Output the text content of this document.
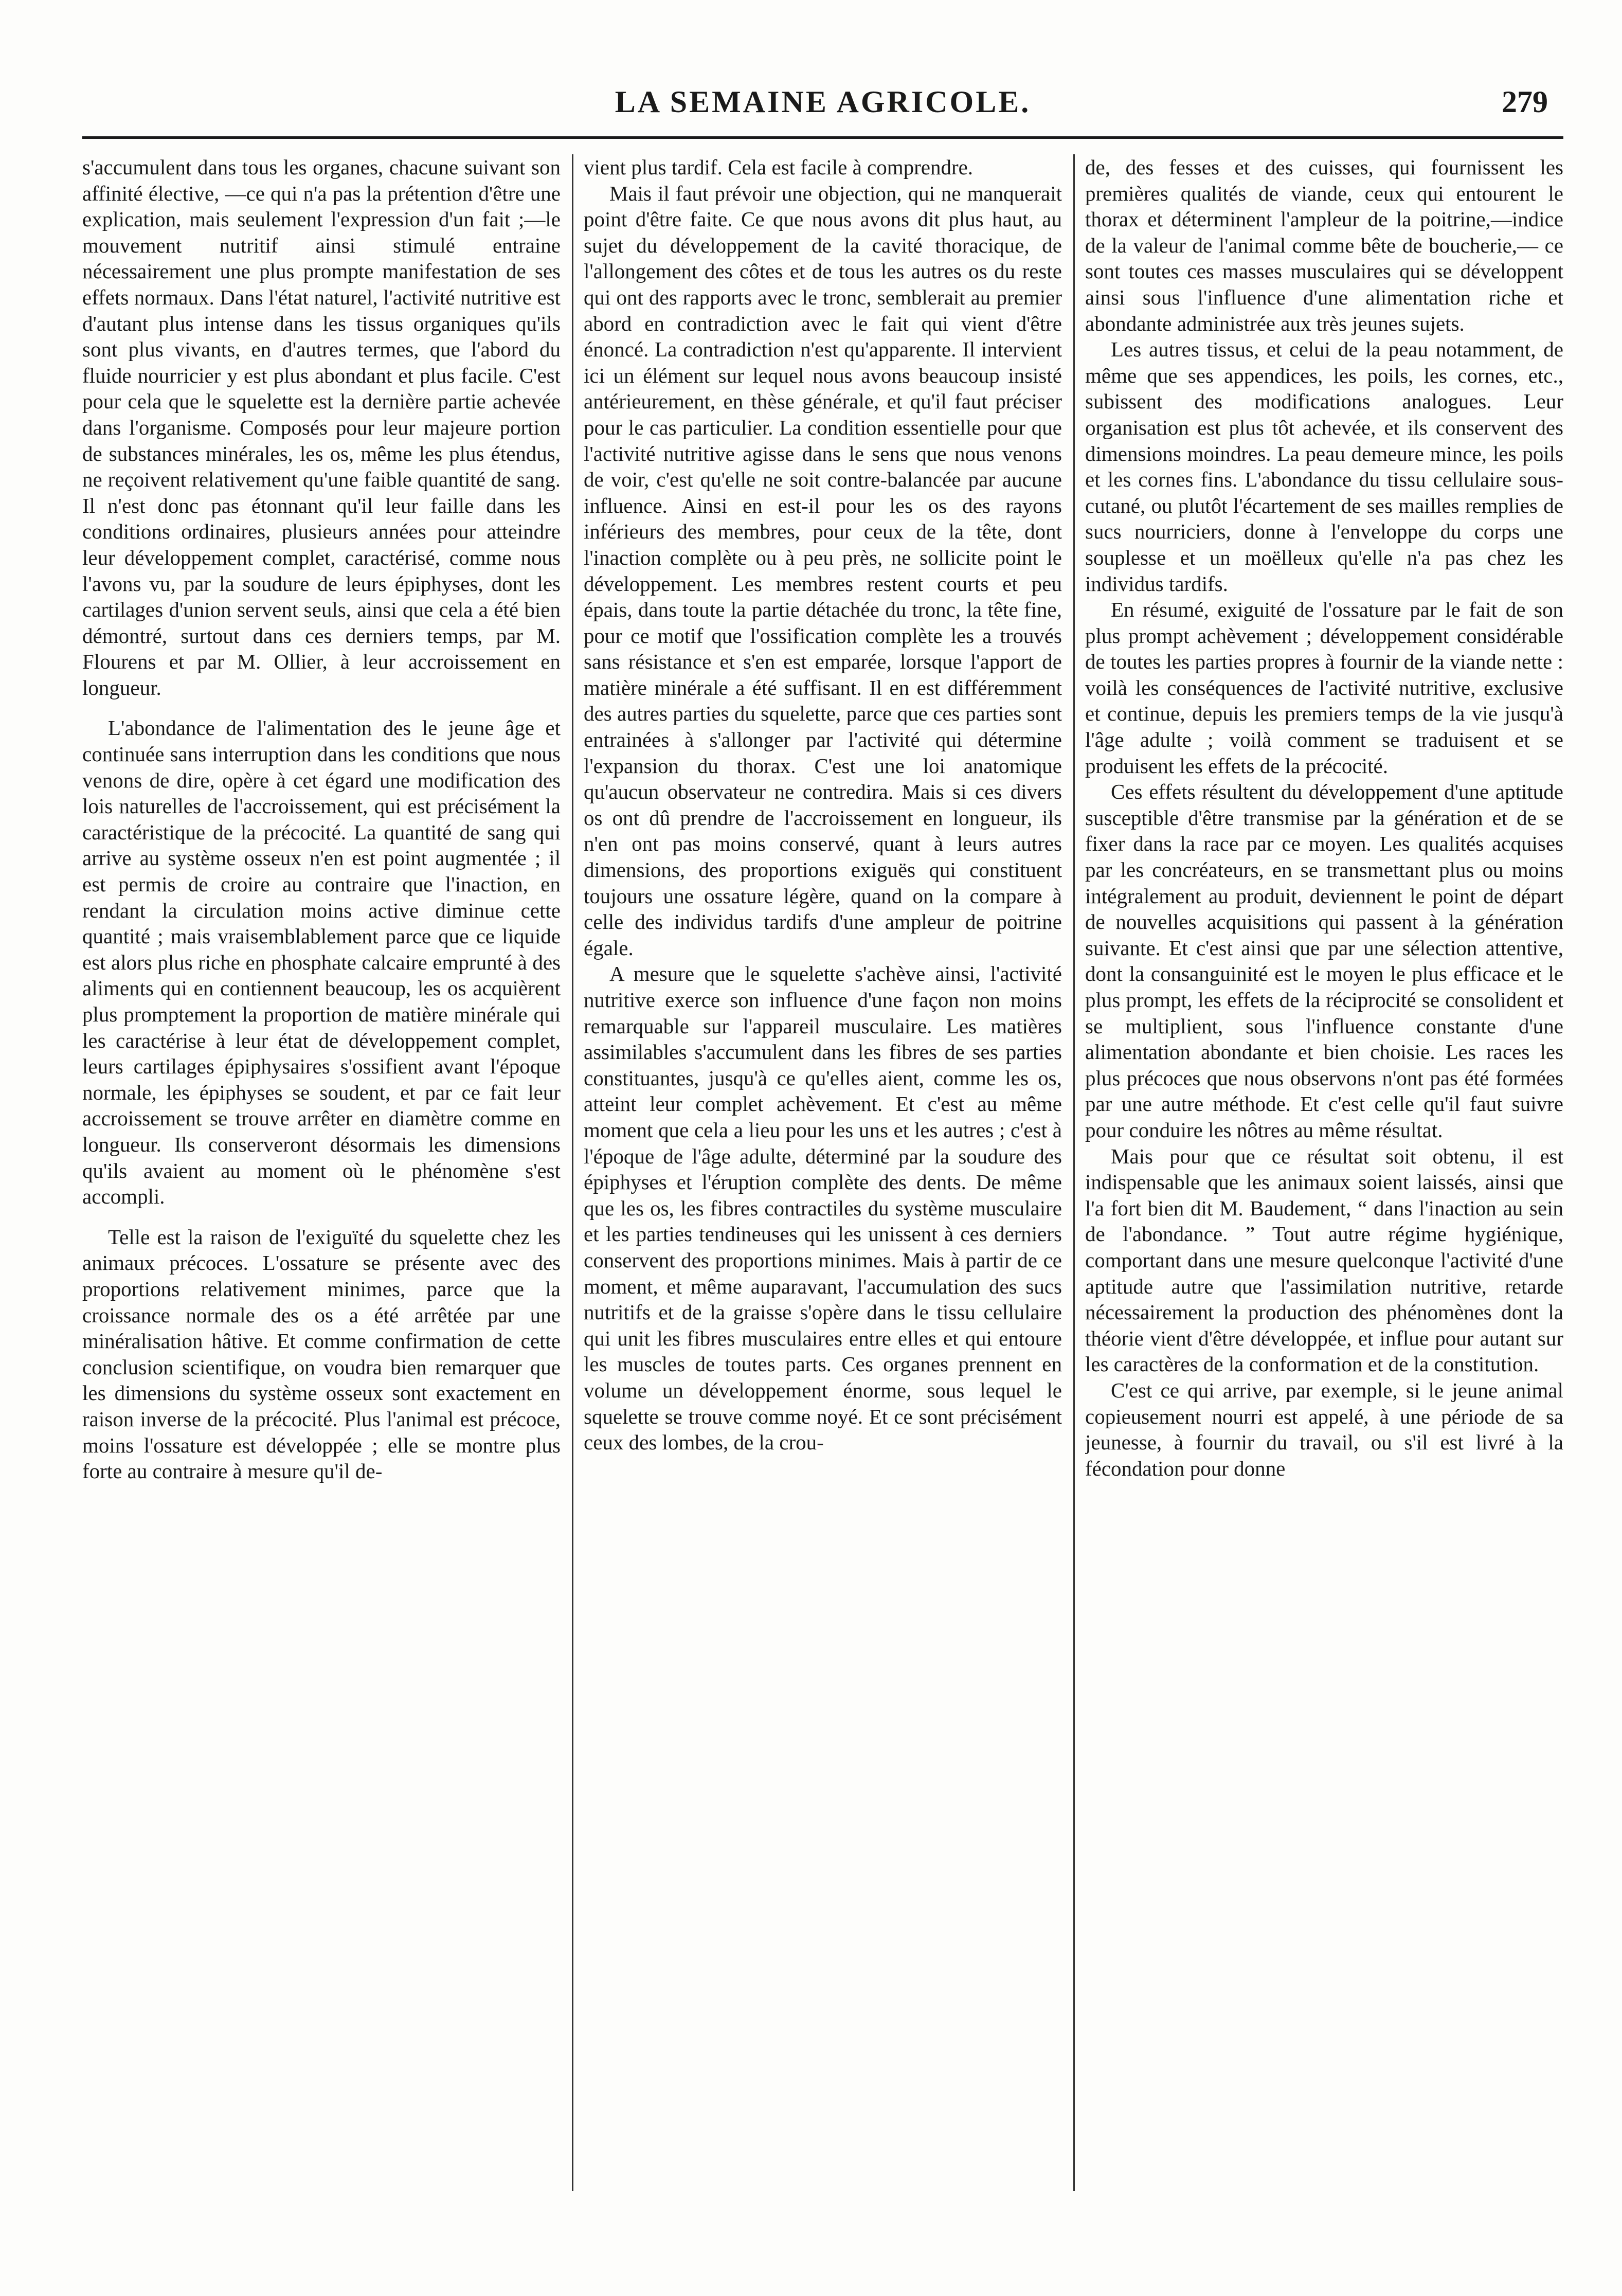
LA SEMAINE AGRICOLE.	279

s'accumulent dans tous les organes, chacune suivant son affinité élective, —ce qui n'a pas la prétention d'être une explication, mais seulement l'expression d'un fait ;—le mouvement nutritif ainsi stimulé entraine nécessairement une plus prompte manifestation de ses effets normaux. Dans l'état naturel, l'activité nutritive est d'autant plus intense dans les tissus organiques qu'ils sont plus vivants, en d'autres termes, que l'abord du fluide nourricier y est plus abondant et plus facile. C'est pour cela que le squelette est la dernière partie achevée dans l'organisme. Composés pour leur majeure portion de substances minérales, les os, même les plus étendus, ne reçoivent relativement qu'une faible quantité de sang. Il n'est donc pas étonnant qu'il leur faille dans les conditions ordinaires, plusieurs années pour atteindre leur développement complet, caractérisé, comme nous l'avons vu, par la soudure de leurs épiphyses, dont les cartilages d'union servent seuls, ainsi que cela a été bien démontré, surtout dans ces derniers temps, par M. Flourens et par M. Ollier, à leur accroissement en longueur.

L'abondance de l'alimentation des le jeune âge et continuée sans interruption dans les conditions que nous venons de dire, opère à cet égard une modification des lois naturelles de l'accroissement, qui est précisément la caractéristique de la précocité. La quantité de sang qui arrive au système osseux n'en est point augmentée ; il est permis de croire au contraire que l'inaction, en rendant la circulation moins active diminue cette quantité ; mais vraisemblablement parce que ce liquide est alors plus riche en phosphate calcaire emprunté à des aliments qui en contiennent beaucoup, les os acquièrent plus promptement la proportion de matière minérale qui les caractérise à leur état de développement complet, leurs cartilages épiphysaires s'ossifient avant l'époque normale, les épiphyses se soudent, et par ce fait leur accroissement se trouve arrêter en diamètre comme en longueur. Ils conserveront désormais les dimensions qu'ils avaient au moment où le phénomène s'est accompli.

Telle est la raison de l'exiguïté du squelette chez les animaux précoces. L'ossature se présente avec des proportions relativement minimes, parce que la croissance normale des os a été arrêtée par une minéralisation hâtive. Et comme confirmation de cette conclusion scientifique, on voudra bien remarquer que les dimensions du système osseux sont exactement en raison inverse de la précocité. Plus l'animal est précoce, moins l'ossature est développée ; elle se montre plus forte au contraire à mesure qu'il de-

vient plus tardif. Cela est facile à comprendre.

Mais il faut prévoir une objection, qui ne manquerait point d'être faite. Ce que nous avons dit plus haut, au sujet du développement de la cavité thoracique, de l'allongement des côtes et de tous les autres os du reste qui ont des rapports avec le tronc, semblerait au premier abord en contradiction avec le fait qui vient d'être énoncé. La contradiction n'est qu'apparente. Il intervient ici un élément sur lequel nous avons beaucoup insisté antérieurement, en thèse générale, et qu'il faut préciser pour le cas particulier. La condition essentielle pour que l'activité nutritive agisse dans le sens que nous venons de voir, c'est qu'elle ne soit contre-balancée par aucune influence. Ainsi en est-il pour les os des rayons inférieurs des membres, pour ceux de la tête, dont l'inaction complète ou à peu près, ne sollicite point le développement. Les membres restent courts et peu épais, dans toute la partie détachée du tronc, la tête fine, pour ce motif que l'ossification complète les a trouvés sans résistance et s'en est emparée, lorsque l'apport de matière minérale a été suffisant. Il en est différemment des autres parties du squelette, parce que ces parties sont entrainées à s'allonger par l'activité qui détermine l'expansion du thorax. C'est une loi anatomique qu'aucun observateur ne contredira. Mais si ces divers os ont dû prendre de l'accroissement en longueur, ils n'en ont pas moins conservé, quant à leurs autres dimensions, des proportions exiguës qui constituent toujours une ossature légère, quand on la compare à celle des individus tardifs d'une ampleur de poitrine égale.

A mesure que le squelette s'achève ainsi, l'activité nutritive exerce son influence d'une façon non moins remarquable sur l'appareil musculaire. Les matières assimilables s'accumulent dans les fibres de ses parties constituantes, jusqu'à ce qu'elles aient, comme les os, atteint leur complet achèvement. Et c'est au même moment que cela a lieu pour les uns et les autres ; c'est à l'époque de l'âge adulte, déterminé par la soudure des épiphyses et l'éruption complète des dents. De même que les os, les fibres contractiles du système musculaire et les parties tendineuses qui les unissent à ces derniers conservent des proportions minimes. Mais à partir de ce moment, et même auparavant, l'accumulation des sucs nutritifs et de la graisse s'opère dans le tissu cellulaire qui unit les fibres musculaires entre elles et qui entoure les muscles de toutes parts. Ces organes prennent en volume un développement énorme, sous lequel le squelette se trouve comme noyé. Et ce sont précisément ceux des lombes, de la crou-

de, des fesses et des cuisses, qui fournissent les premières qualités de viande, ceux qui entourent le thorax et déterminent l'ampleur de la poitrine,—indice de la valeur de l'animal comme bête de boucherie,— ce sont toutes ces masses musculaires qui se développent ainsi sous l'influence d'une alimentation riche et abondante administrée aux très jeunes sujets.

Les autres tissus, et celui de la peau notamment, de même que ses appendices, les poils, les cornes, etc., subissent des modifications analogues. Leur organisation est plus tôt achevée, et ils conservent des dimensions moindres. La peau demeure mince, les poils et les cornes fins. L'abondance du tissu cellulaire sous-cutané, ou plutôt l'écartement de ses mailles remplies de sucs nourriciers, donne à l'enveloppe du corps une souplesse et un moëlleux qu'elle n'a pas chez les individus tardifs.

En résumé, exiguité de l'ossature par le fait de son plus prompt achèvement ; développement considérable de toutes les parties propres à fournir de la viande nette : voilà les conséquences de l'activité nutritive, exclusive et continue, depuis les premiers temps de la vie jusqu'à l'âge adulte ; voilà comment se traduisent et se produisent les effets de la précocité.

Ces effets résultent du développement d'une aptitude susceptible d'être transmise par la génération et de se fixer dans la race par ce moyen. Les qualités acquises par les concréateurs, en se transmettant plus ou moins intégralement au produit, deviennent le point de départ de nouvelles acquisitions qui passent à la génération suivante. Et c'est ainsi que par une sélection attentive, dont la consanguinité est le moyen le plus efficace et le plus prompt, les effets de la réciprocité se consolident et se multiplient, sous l'influence constante d'une alimentation abondante et bien choisie. Les races les plus précoces que nous observons n'ont pas été formées par une autre méthode. Et c'est celle qu'il faut suivre pour conduire les nôtres au même résultat.

Mais pour que ce résultat soit obtenu, il est indispensable que les animaux soient laissés, ainsi que l'a fort bien dit M. Baudement, “ dans l'inaction au sein de l'abondance. ” Tout autre régime hygiénique, comportant dans une mesure quelconque l'activité d'une aptitude autre que l'assimilation nutritive, retarde nécessairement la production des phénomènes dont la théorie vient d'être développée, et influe pour autant sur les caractères de la conformation et de la constitution.

C'est ce qui arrive, par exemple, si le jeune animal copieusement nourri est appelé, à une période de sa jeunesse, à fournir du travail, ou s'il est livré à la fécondation pour donne
